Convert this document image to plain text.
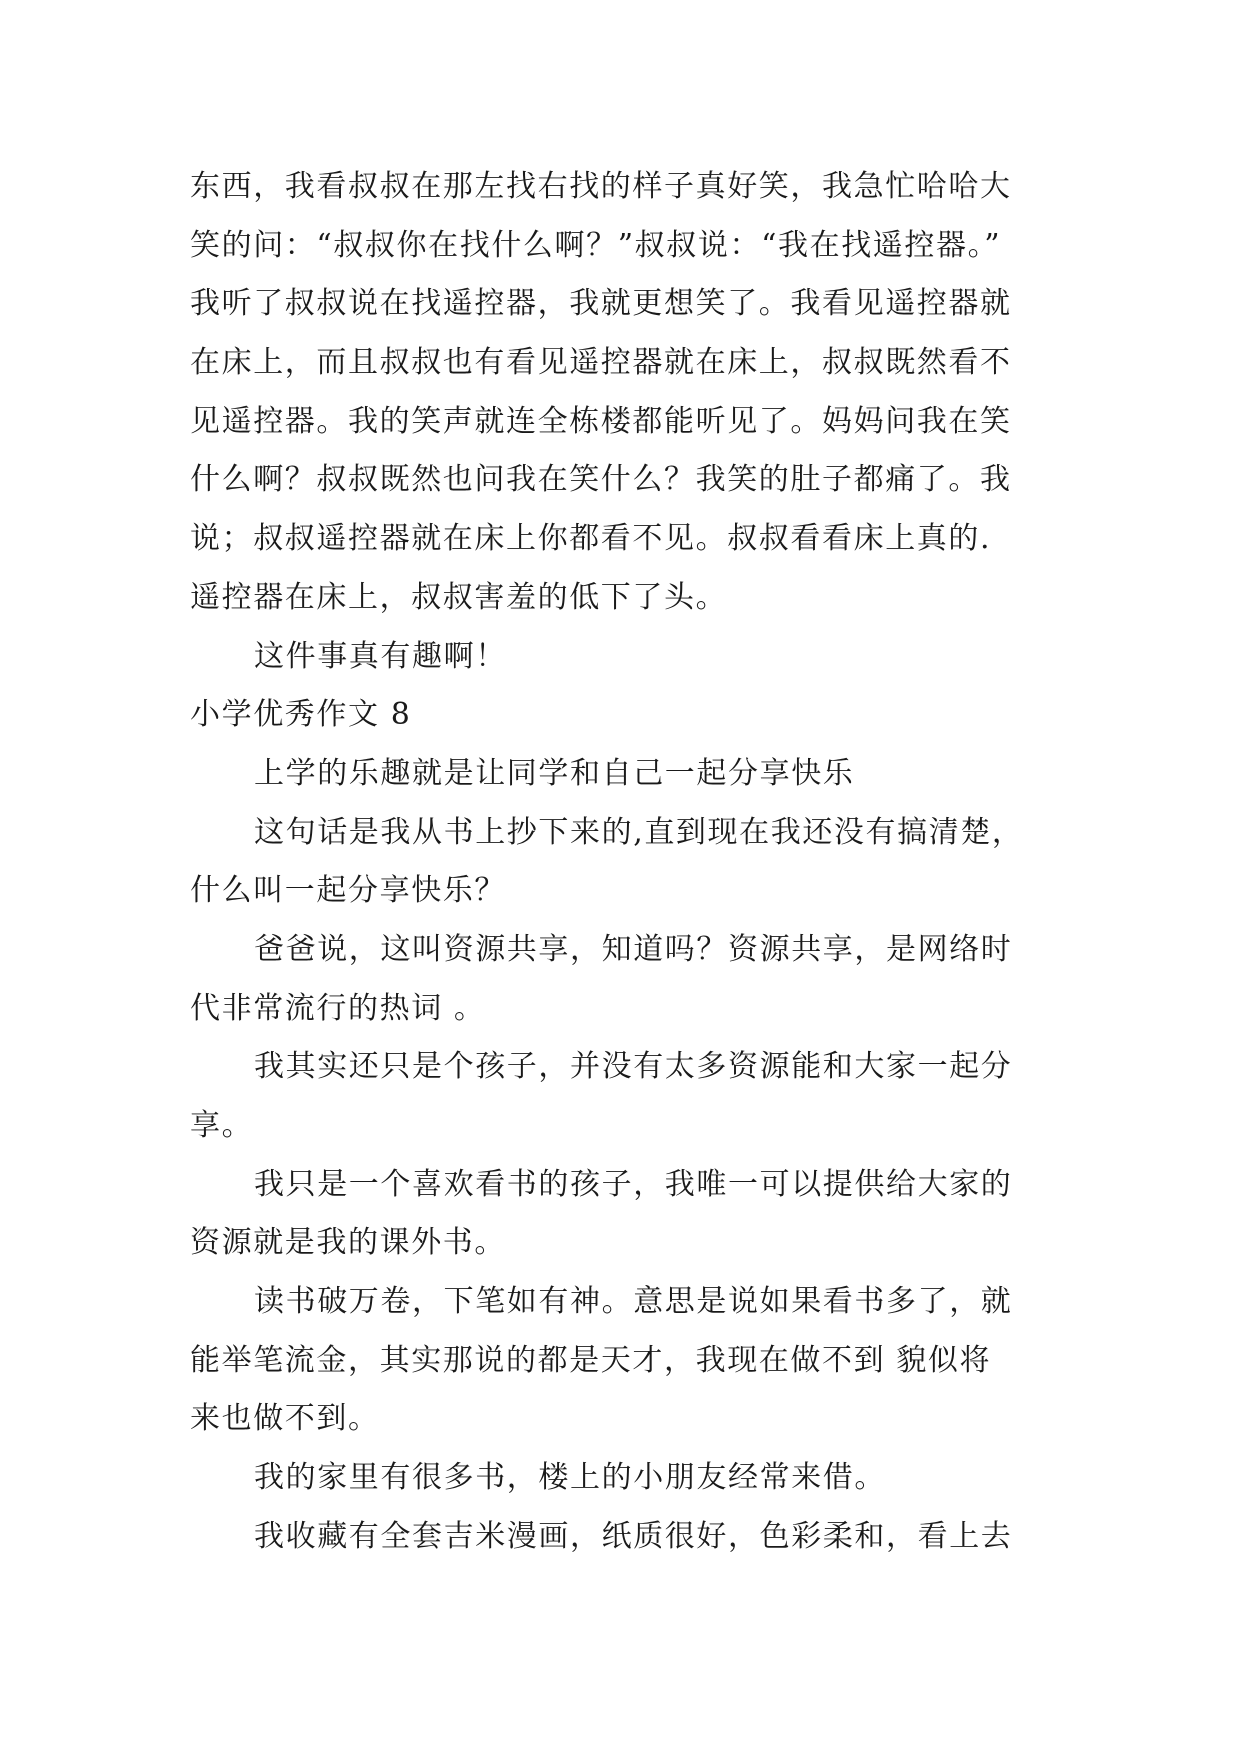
东西，我看叔叔在那左找右找的样子真好笑，我急忙哈哈大

笑的问：“叔叔你在找什么啊？”叔叔说：“我在找遥控器。”

我听了叔叔说在找遥控器，我就更想笑了。我看见遥控器就

在床上，而且叔叔也有看见遥控器就在床上，叔叔既然看不

见遥控器。我的笑声就连全栋楼都能听见了。妈妈问我在笑

什么啊？叔叔既然也问我在笑什么？我笑的肚子都痛了。我

说；叔叔遥控器就在床上你都看不见。叔叔看看床上真的.

遥控器在床上，叔叔害羞的低下了头。

这件事真有趣啊！

小学优秀作文 8

上学的乐趣就是让同学和自己一起分享快乐

这句话是我从书上抄下来的,直到现在我还没有搞清楚，

什么叫一起分享快乐？

爸爸说，这叫资源共享，知道吗？资源共享，是网络时

代非常流行的热词 。

我其实还只是个孩子，并没有太多资源能和大家一起分

享。

我只是一个喜欢看书的孩子，我唯一可以提供给大家的

资源就是我的课外书。

读书破万卷，下笔如有神。意思是说如果看书多了，就

能举笔流金，其实那说的都是天才，我现在做不到 貌似将

来也做不到。

我的家里有很多书，楼上的小朋友经常来借。

我收藏有全套吉米漫画，纸质很好，色彩柔和，看上去
